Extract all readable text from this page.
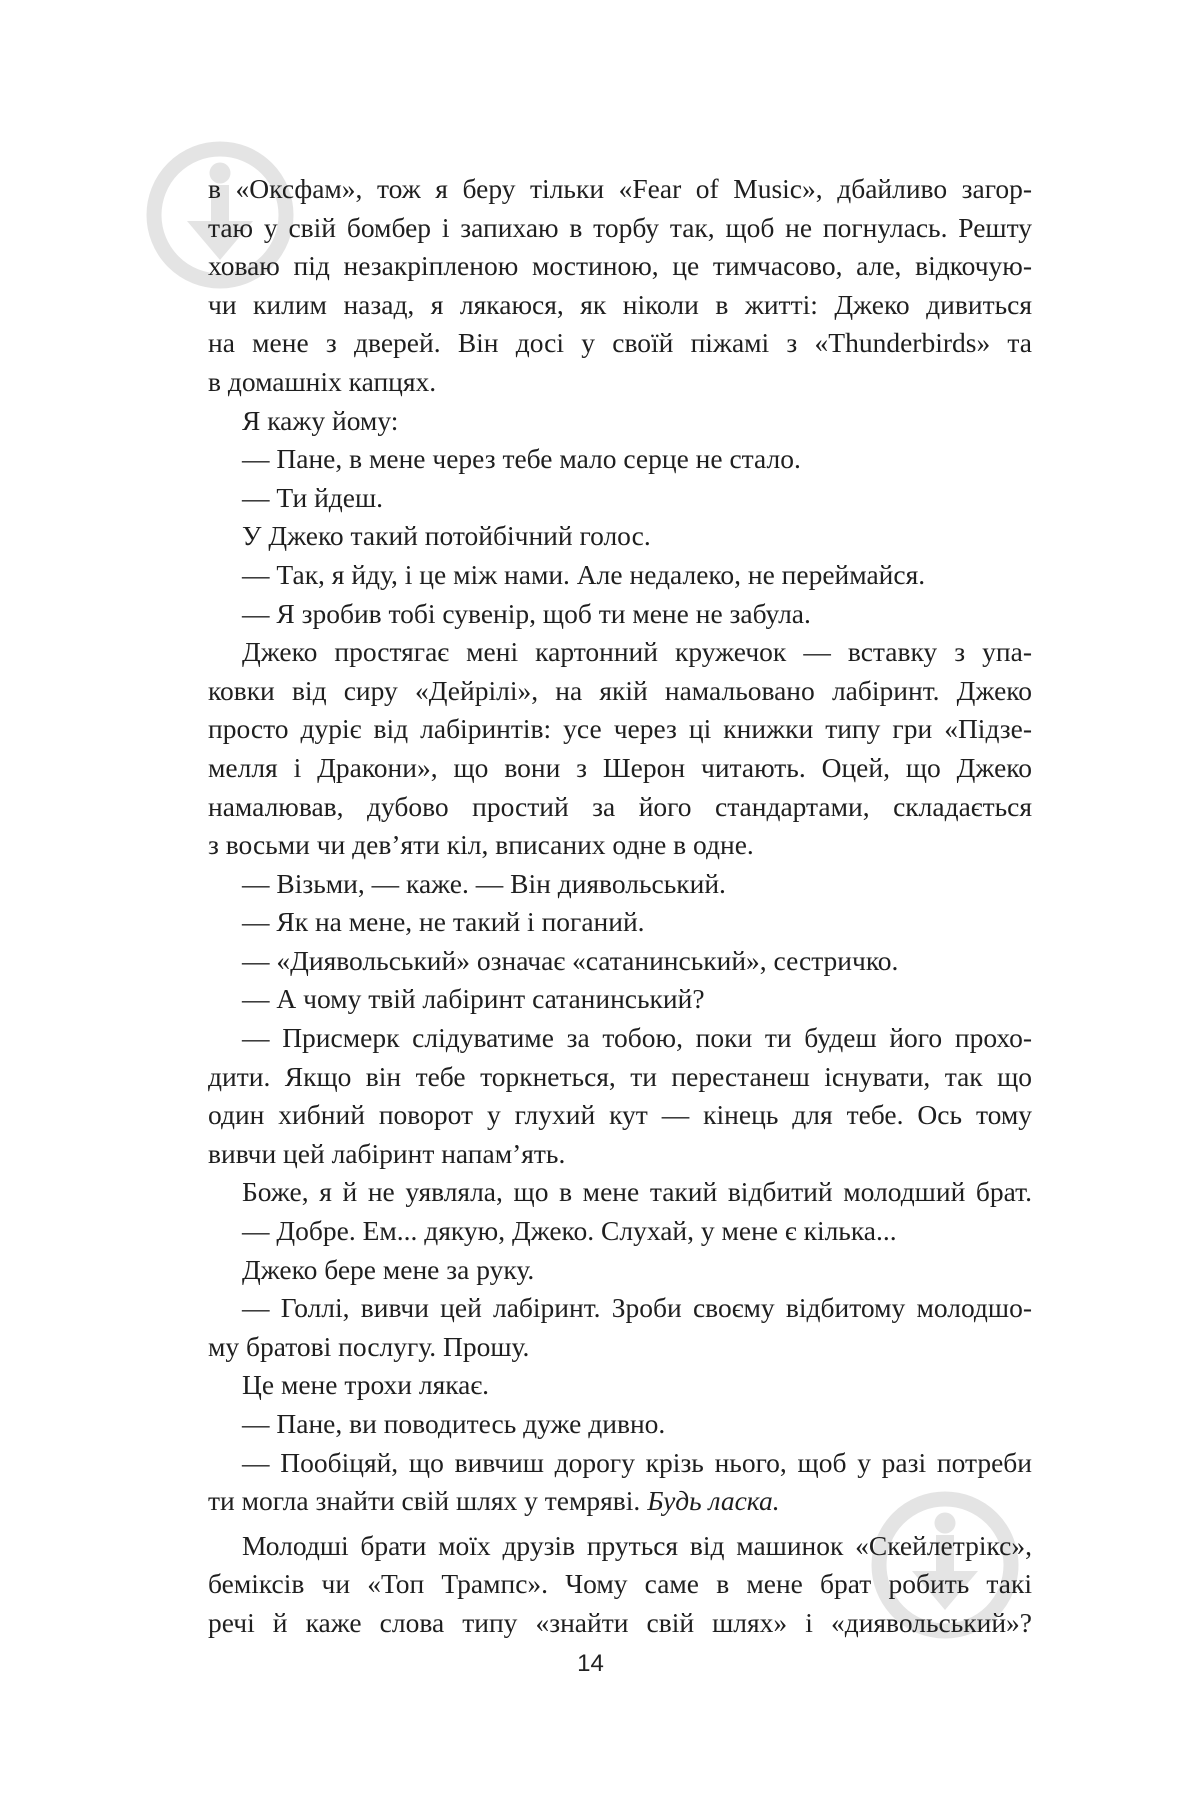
в «Оксфам», тож я беру тільки «Fear of Music», дбайливо загор-
таю у свій бомбер і запихаю в торбу так, щоб не погнулась. Решту
ховаю під незакріпленою мостиною, це тимчасово, але, відкочую-
чи килим назад, я лякаюся, як ніколи в житті: Джеко дивиться
на мене з дверей. Він досі у своїй піжамі з «Thunderbirds» та
в домашніх капцях.
Я кажу йому:
— Пане, в мене через тебе мало серце не стало.
— Ти йдеш.
У Джеко такий потойбічний голос.
— Так, я йду, і це між нами. Але недалеко, не переймайся.
— Я зробив тобі сувенір, щоб ти мене не забула.
Джеко простягає мені картонний кружечок — вставку з упа-
ковки від сиру «Дейрілі», на якій намальовано лабіринт. Джеко
просто дуріє від лабіринтів: усе через ці книжки типу гри «Підзе-
мелля і Дракони», що вони з Шерон читають. Оцей, що Джеко
намалював, дубово простий за його стандартами, складається
з восьми чи дев’яти кіл, вписаних одне в одне.
— Візьми, — каже. — Він диявольський.
— Як на мене, не такий і поганий.
— «Диявольський» означає «сатанинський», сестричко.
— А чому твій лабіринт сатанинський?
— Присмерк слідуватиме за тобою, поки ти будеш його прохо-
дити. Якщо він тебе торкнеться, ти перестанеш існувати, так що
один хибний поворот у глухий кут — кінець для тебе. Ось тому
вивчи цей лабіринт напам’ять.
Боже, я й не уявляла, що в мене такий відбитий молодший брат.
— Добре. Ем... дякую, Джеко. Слухай, у мене є кілька...
Джеко бере мене за руку.
— Голлі, вивчи цей лабіринт. Зроби своєму відбитому молодшо-
му братові послугу. Прошу.
Це мене трохи лякає.
— Пане, ви поводитесь дуже дивно.
— Пообіцяй, що вивчиш дорогу крізь нього, щоб у разі потреби
ти могла знайти свій шлях у темряві. Будь ласка.
Молодші брати моїх друзів пруться від машинок «Скейлетрікс»,
беміксів чи «Топ Трампс». Чому саме в мене брат робить такі
речі й каже слова типу «знайти свій шлях» і «диявольський»?
14
